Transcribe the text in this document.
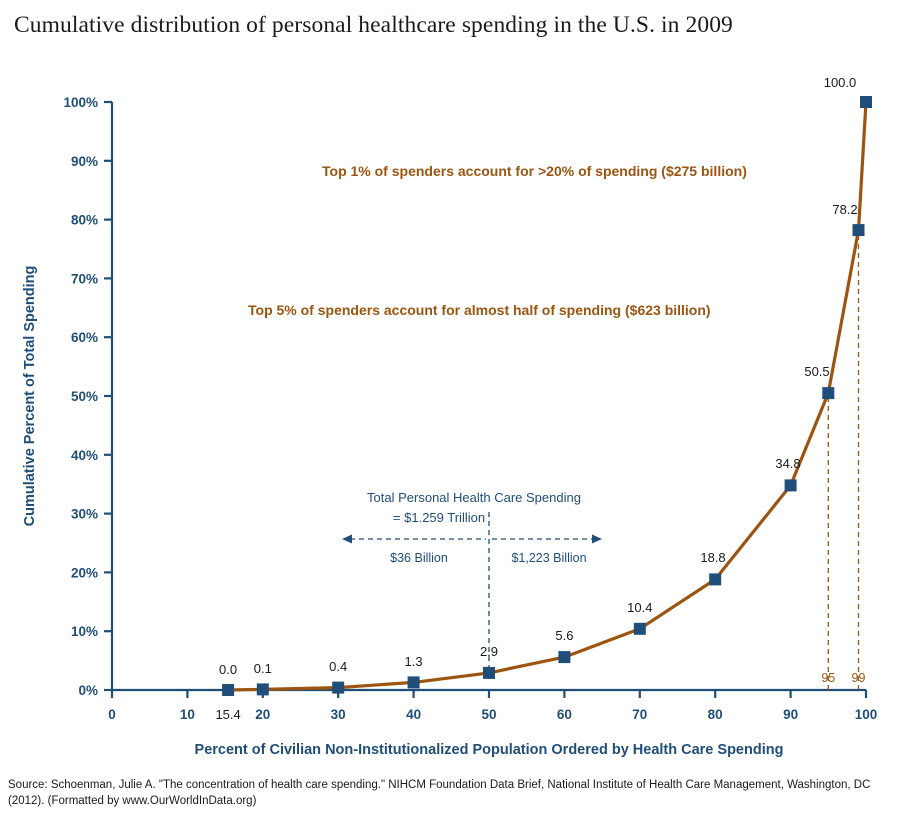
Cumulative distribution of personal healthcare spending in the U.S. in 2009
100%
90%
80%
70%
60%
50%
40%
30%
20%
10%
0%
0	10	20	30	40	50	60	70	80	90	100
Cumulative Percent of Total Spending
Percent of Civilian Non-Institutionalized Population Ordered by Health Care Spending
95 99
Total Personal Health Care Spending
= $1.259 Trillion
$36 Billion	$1,223 Billion
Top 1% of spenders account for >20% of spending ($275 billion)
Top 5% of spenders account for almost half of spending ($623 billion)
0.0 0.1	0.4	1.3
2.9
5.6
10.4
18.8
34.8
50.5
78.2
100.0
15.4
Source: Schoenman, Julie A. "The concentration of health care spending." NIHCM Foundation Data Brief, National Institute of Health Care Management, Washington, DC (2012). (Formatted by www.OurWorldInData.org)
